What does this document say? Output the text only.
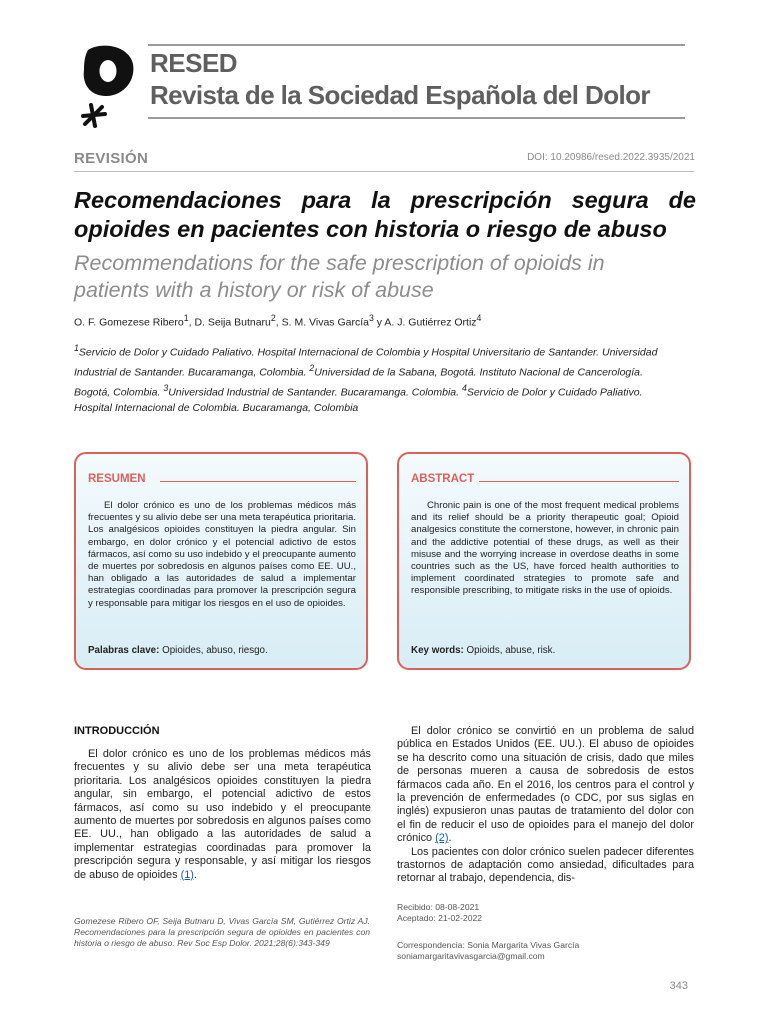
RESED
Revista de la Sociedad Española del Dolor
REVISIÓN	DOI: 10.20986/resed.2022.3935/2021
Recomendaciones para la prescripción segura de opioides en pacientes con historia o riesgo de abuso
Recommendations for the safe prescription of opioids in patients with a history or risk of abuse
O. F. Gomezese Ribero$^1$, D. Seija Butnaru$^2$, S. M. Vivas García$^3$ y A. J. Gutiérrez Ortiz$^4$
$^1$Servicio de Dolor y Cuidado Paliativo. Hospital Internacional de Colombia y Hospital Universitario de Santander. Universidad Industrial de Santander. Bucaramanga, Colombia. $^2$Universidad de la Sabana, Bogotá. Instituto Nacional de Cancerología. Bogotá, Colombia. $^3$Universidad Industrial de Santander. Bucaramanga. Colombia. $^4$Servicio de Dolor y Cuidado Paliativo. Hospital Internacional de Colombia. Bucaramanga, Colombia
RESUMEN
El dolor crónico es uno de los problemas médicos más frecuentes y su alivio debe ser una meta terapéutica prioritaria. Los analgésicos opioides constituyen la piedra angular. Sin embargo, en dolor crónico y el potencial adictivo de estos fármacos, así como su uso indebido y el preocupante aumento de muertes por sobredosis en algunos países como EE. UU., han obligado a las autoridades de salud a implementar estrategias coordinadas para promover la prescripción segura y responsable para mitigar los riesgos en el uso de opioides.
Palabras clave: Opioides, abuso, riesgo.
ABSTRACT
Chronic pain is one of the most frequent medical problems and its relief should be a priority therapeutic goal; Opioid analgesics constitute the cornerstone, however, in chronic pain and the addictive potential of these drugs, as well as their misuse and the worrying increase in overdose deaths in some countries such as the US, have forced health authorities to implement coordinated strategies to promote safe and responsible prescribing, to mitigate risks in the use of opioids.
Key words: Opioids, abuse, risk.
INTRODUCCIÓN

El dolor crónico es uno de los problemas médicos más frecuentes y su alivio debe ser una meta terapéutica prioritaria. Los analgésicos opioides constituyen la piedra angular, sin embargo, el potencial adictivo de estos fármacos, así como su uso indebido y el preocupante aumento de muertes por sobredosis en algunos países como EE. UU., han obligado a las autoridades de salud a implementar estrategias coordinadas para promover la prescripción segura y responsable, y así mitigar los riesgos de abuso de opioides (1).

El dolor crónico se convirtió en un problema de salud pública en Estados Unidos (EE. UU.). El abuso de opioides se ha descrito como una situación de crisis, dado que miles de personas mueren a causa de sobredosis de estos fármacos cada año. En el 2016, los centros para el control y la prevención de enfermedades (o CDC, por sus siglas en inglés) expusieron unas pautas de tratamiento del dolor con el fin de reducir el uso de opioides para el manejo del dolor crónico (2).

Los pacientes con dolor crónico suelen padecer diferentes trastornos de adaptación como ansiedad, dificultades para retornar al trabajo, dependencia, dis-

Gomezese Ribero OF, Seija Butnaru D, Vivas García SM, Gutiérrez Ortiz AJ. Recomendaciones para la prescripción segura de opioides en pacientes con historia o riesgo de abuso. Rev Soc Esp Dolor. 2021;28(6):343-349
Recibido: 08-08-2021
Aceptado: 21-02-2022
Correspondencia: Sonia Margarita Vivas García
soniamargaritavivasgarcia@gmail.com
343
